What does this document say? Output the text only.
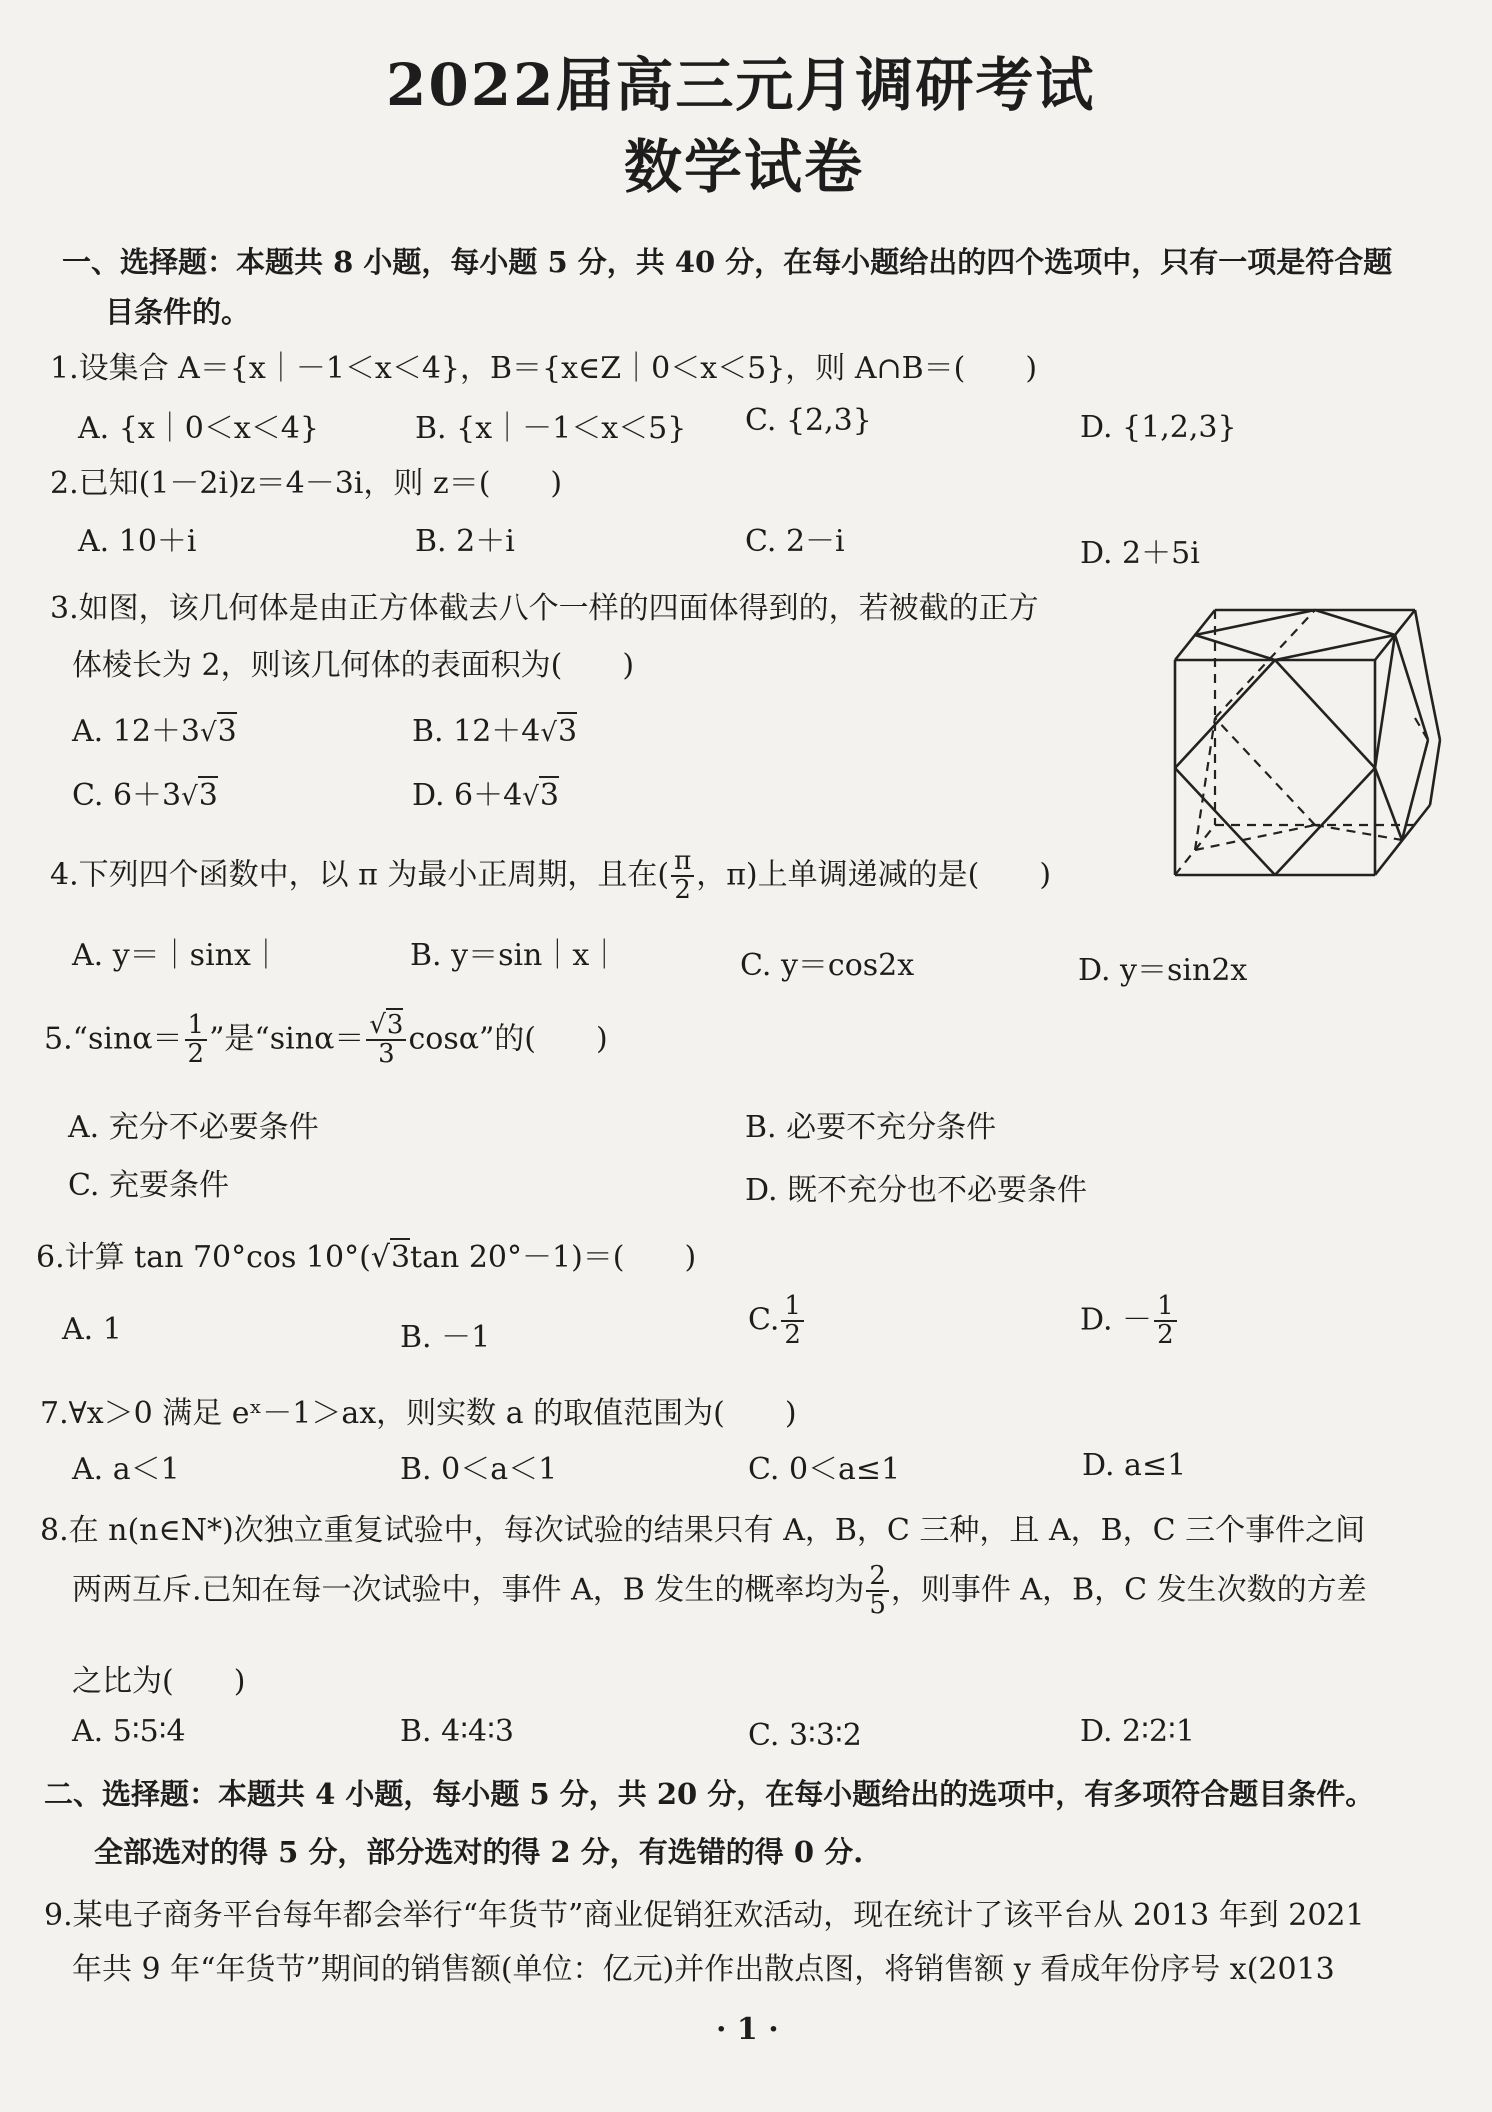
2022届高三元月调研考试
数学试卷
一、选择题：本题共 8 小题，每小题 5 分，共 40 分，在每小题给出的四个选项中，只有一项是符合题
目条件的。
1.设集合 A＝{x｜－1＜x＜4}，B＝{x∈Z｜0＜x＜5}，则 A∩B＝(　　)
A. {x｜0＜x＜4}	B. {x｜－1＜x＜5} C. {2,3}	D. {1,2,3}
2.已知(1－2i)z＝4－3i，则 z＝(　　)
A. 10＋i	B. 2＋i	C. 2－i	D. 2＋5i
3.如图，该几何体是由正方体截去八个一样的四面体得到的，若被截的正方
体棱长为 2，则该几何体的表面积为(　　)
A. 12＋3√3	B. 12＋4√3
C. 6＋3√3	D. 6＋4√3
4.下列四个函数中，以 π 为最小正周期，且在( $\frac{\pi}{2}$ ，π)上单调递减的是(　　)
A. y＝｜sinx｜	B. y＝sin｜x｜	C. y＝cos2x	D. y＝sin2x
5.“sinα＝ $\frac{1}{2}$ ”是“$\sin\alpha= \frac{√3}{3} \cos\alpha$”的(　　)
A. 充分不必要条件	B. 必要不充分条件
C. 充要条件	D. 既不充分也不必要条件
6.计算 tan 70°cos 10°(√3tan 20°－1)＝(　　)
A. 1	B. －1
C. $\frac{1}{2}$	D. － $\frac{1}{2}$
7.∀x＞0 满足 eˣ－1＞ax，则实数 a 的取值范围为(　　)
A. a＜1	B. 0＜a＜1	C. 0＜a≤1	D. a≤1
8.在 n(n∈N*)次独立重复试验中，每次试验的结果只有 A，B，C 三种，且 A，B，C 三个事件之间
两两互斥.已知在每一次试验中，事件 A，B 发生的概率均为 $\frac{2}{5}$ ，则事件 A，B，C 发生次数的方差
之比为(　　)
A. 5∶5∶4	B. 4∶4∶3	C. 3∶3∶2	D. 2∶2∶1
二、选择题：本题共 4 小题，每小题 5 分，共 20 分，在每小题给出的选项中，有多项符合题目条件。
全部选对的得 5 分，部分选对的得 2 分，有选错的得 0 分.
9.某电子商务平台每年都会举行“年货节”商业促销狂欢活动，现在统计了该平台从 2013 年到 2021
年共 9 年“年货节”期间的销售额(单位：亿元)并作出散点图，将销售额 y 看成年份序号 x(2013
· 1 ·
